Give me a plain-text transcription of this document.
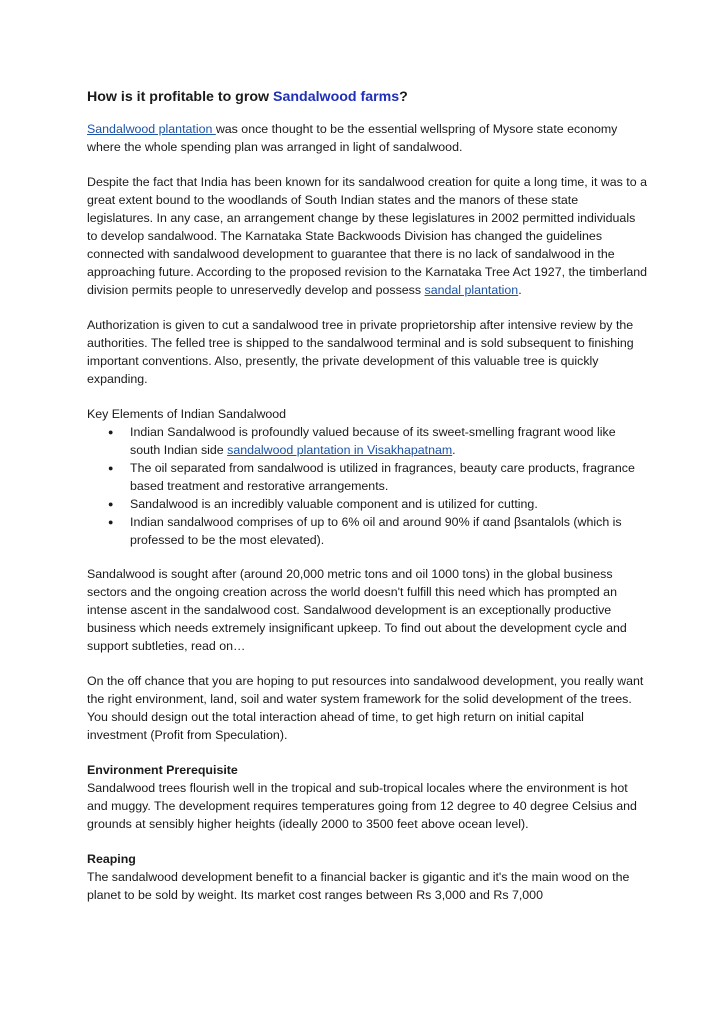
How is it profitable to grow Sandalwood farms?

Sandalwood plantation was once thought to be the essential wellspring of Mysore state economy where the whole spending plan was arranged in light of sandalwood.

Despite the fact that India has been known for its sandalwood creation for quite a long time, it was to a great extent bound to the woodlands of South Indian states and the manors of these state legislatures. In any case, an arrangement change by these legislatures in 2002 permitted individuals to develop sandalwood. The Karnataka State Backwoods Division has changed the guidelines connected with sandalwood development to guarantee that there is no lack of sandalwood in the approaching future. According to the proposed revision to the Karnataka Tree Act 1927, the timberland division permits people to unreservedly develop and possess sandal plantation.

Authorization is given to cut a sandalwood tree in private proprietorship after intensive review by the authorities. The felled tree is shipped to the sandalwood terminal and is sold subsequent to finishing important conventions. Also, presently, the private development of this valuable tree is quickly expanding.

Key Elements of Indian Sandalwood
● Indian Sandalwood is profoundly valued because of its sweet-smelling fragrant wood like south Indian side sandalwood plantation in Visakhapatnam.
● The oil separated from sandalwood is utilized in fragrances, beauty care products, fragrance based treatment and restorative arrangements.
● Sandalwood is an incredibly valuable component and is utilized for cutting.
● Indian sandalwood comprises of up to 6% oil and around 90% if αand βsantalols (which is professed to be the most elevated).

Sandalwood is sought after (around 20,000 metric tons and oil 1000 tons) in the global business sectors and the ongoing creation across the world doesn't fulfill this need which has prompted an intense ascent in the sandalwood cost. Sandalwood development is an exceptionally productive business which needs extremely insignificant upkeep. To find out about the development cycle and support subtleties, read on…

On the off chance that you are hoping to put resources into sandalwood development, you really want the right environment, land, soil and water system framework for the solid development of the trees. You should design out the total interaction ahead of time, to get high return on initial capital investment (Profit from Speculation).

Environment Prerequisite
Sandalwood trees flourish well in the tropical and sub-tropical locales where the environment is hot and muggy. The development requires temperatures going from 12 degree to 40 degree Celsius and grounds at sensibly higher heights (ideally 2000 to 3500 feet above ocean level).
Reaping
The sandalwood development benefit to a financial backer is gigantic and it's the main wood on the planet to be sold by weight. Its market cost ranges between Rs 3,000 and Rs 7,000
